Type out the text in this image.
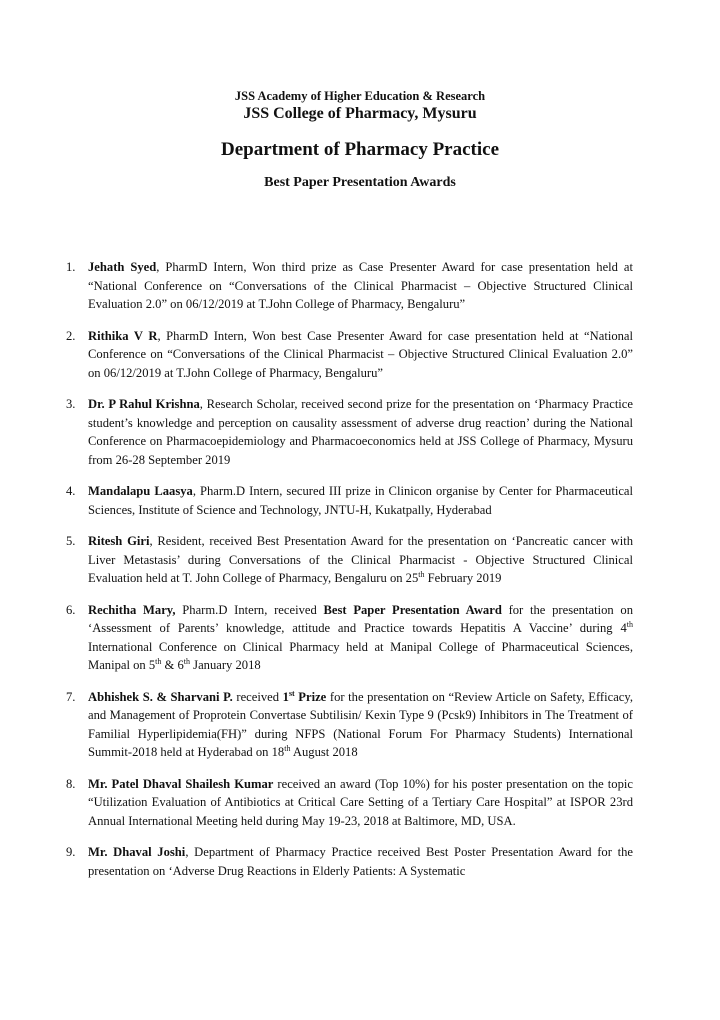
JSS Academy of Higher Education & Research
JSS College of Pharmacy, Mysuru
Department of Pharmacy Practice
Best Paper Presentation Awards
1. Jehath Syed, PharmD Intern, Won third prize as Case Presenter Award for case presentation held at “National Conference on “Conversations of the Clinical Pharmacist – Objective Structured Clinical Evaluation 2.0” on 06/12/2019 at T.John College of Pharmacy, Bengaluru”
2. Rithika V R, PharmD Intern, Won best Case Presenter Award for case presentation held at “National Conference on “Conversations of the Clinical Pharmacist – Objective Structured Clinical Evaluation 2.0” on 06/12/2019 at T.John College of Pharmacy, Bengaluru”
3. Dr. P Rahul Krishna, Research Scholar, received second prize for the presentation on ‘Pharmacy Practice student’s knowledge and perception on causality assessment of adverse drug reaction’ during the National Conference on Pharmacoepidemiology and Pharmacoeconomics held at JSS College of Pharmacy, Mysuru from 26-28 September 2019
4. Mandalapu Laasya, Pharm.D Intern, secured III prize in Clinicon organise by Center for Pharmaceutical Sciences, Institute of Science and Technology, JNTU-H, Kukatpally, Hyderabad
5. Ritesh Giri, Resident, received Best Presentation Award for the presentation on ‘Pancreatic cancer with Liver Metastasis’ during Conversations of the Clinical Pharmacist - Objective Structured Clinical Evaluation held at T. John College of Pharmacy, Bengaluru on 25th February 2019
6. Rechitha Mary, Pharm.D Intern, received Best Paper Presentation Award for the presentation on ‘Assessment of Parents’ knowledge, attitude and Practice towards Hepatitis A Vaccine’ during 4th International Conference on Clinical Pharmacy held at Manipal College of Pharmaceutical Sciences, Manipal on 5th & 6th January 2018
7. Abhishek S. & Sharvani P. received 1st Prize for the presentation on “Review Article on Safety, Efficacy, and Management of Proprotein Convertase Subtilisin/ Kexin Type 9 (Pcsk9) Inhibitors in The Treatment of Familial Hyperlipidemia(FH)” during NFPS (National Forum For Pharmacy Students) International Summit-2018 held at Hyderabad on 18th August 2018
8. Mr. Patel Dhaval Shailesh Kumar received an award (Top 10%) for his poster presentation on the topic “Utilization Evaluation of Antibiotics at Critical Care Setting of a Tertiary Care Hospital” at ISPOR 23rd Annual International Meeting held during May 19-23, 2018 at Baltimore, MD, USA.
9. Mr. Dhaval Joshi, Department of Pharmacy Practice received Best Poster Presentation Award for the presentation on ‘Adverse Drug Reactions in Elderly Patients: A Systematic
